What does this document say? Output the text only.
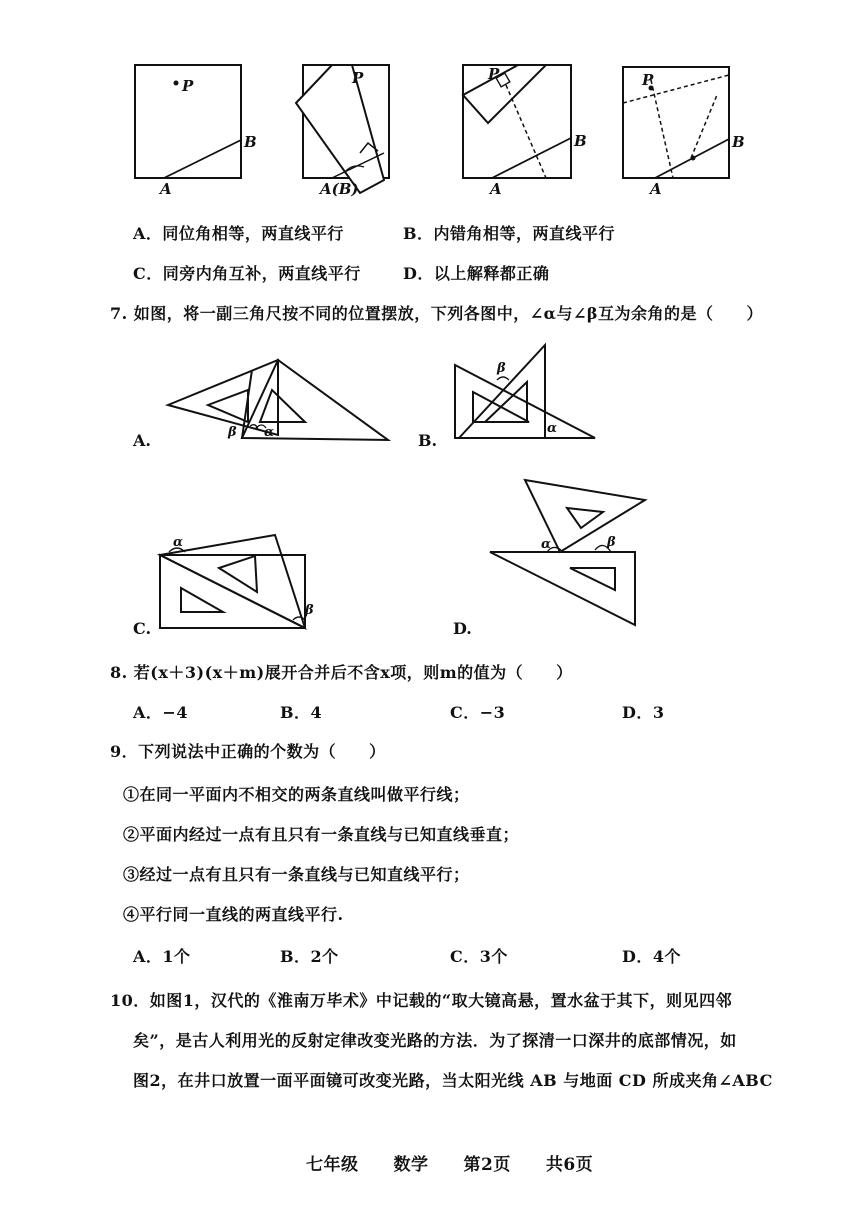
P
A
B
P
A(B)
P
A
B
P
A
B
A．同位角相等，两直线平行	B．内错角相等，两直线平行
C．同旁内角互补，两直线平行	D．以上解释都正确
7. 如图，将一副三角尺按不同的位置摆放，下列各图中，∠α与∠β互为余角的是（　　）
β α
A.
β
α
B.
α
β
C.
α	β
D.
8. 若(x＋3)(x＋m)展开合并后不含x项，则m的值为（　　）
A．−4	B．4	C．−3	D．3
9．下列说法中正确的个数为（　　）
①在同一平面内不相交的两条直线叫做平行线；
②平面内经过一点有且只有一条直线与已知直线垂直；
③经过一点有且只有一条直线与已知直线平行；
④平行同一直线的两直线平行.
A．1个	B．2个	C．3个	D．4个
10．如图1，汉代的《淮南万毕术》中记载的“取大镜高悬，置水盆于其下，则见四邻
矣”，是古人利用光的反射定律改变光路的方法．为了探清一口深井的底部情况，如
图2，在井口放置一面平面镜可改变光路，当太阳光线 AB 与地面 CD 所成夹角∠ABC
七年级　　数学　　第2页　　共6页
